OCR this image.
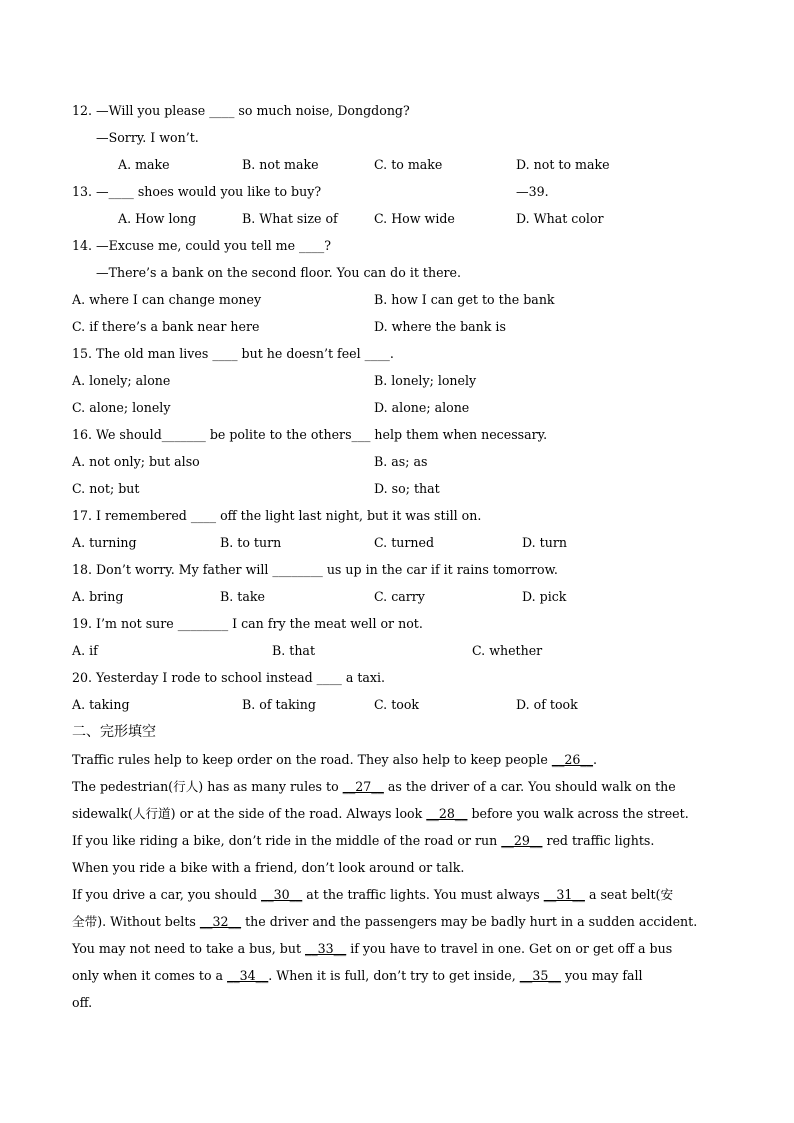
12. —Will you please ____ so much noise, Dongdong?
—Sorry. I won’t.
A. make	B. not make	C. to make	D. not to make
13. —____ shoes would you like to buy?	—39.
A. How long	B. What size of	C. How wide	D. What color
14. —Excuse me, could you tell me ____?
—There’s a bank on the second floor. You can do it there.
A. where I can change money	B. how I can get to the bank
C. if there’s a bank near here	D. where the bank is
15. The old man lives ____ but he doesn’t feel ____.
A. lonely; alone	B. lonely; lonely
C. alone; lonely	D. alone; alone
16. We should_______ be polite to the others___ help them when necessary.
A. not only; but also	B. as; as
C. not; but	D. so; that
17. I remembered ____ off the light last night, but it was still on.
A. turning	B. to turn	C. turned	D. turn
18. Don’t worry. My father will ________ us up in the car if it rains tomorrow.
A. bring	B. take	C. carry	D. pick
19. I’m not sure ________ I can fry the meat well or not.
A. if	B. that	C. whether
20. Yesterday I rode to school instead ____ a taxi.
A. taking	B. of taking	C. took	D. of took
二、完形填空
Traffic rules help to keep order on the road. They also help to keep people __26__.
The pedestrian(行人) has as many rules to __27__ as the driver of a car. You should walk on the
sidewalk(人行道) or at the side of the road. Always look __28__ before you walk across the street.
If you like riding a bike, don’t ride in the middle of the road or run __29__ red traffic lights.
When you ride a bike with a friend, don’t look around or talk.
If you drive a car, you should __30__ at the traffic lights. You must always __31__ a seat belt(安
全带). Without belts __32__ the driver and the passengers may be badly hurt in a sudden accident.
You may not need to take a bus, but __33__ if you have to travel in one. Get on or get off a bus
only when it comes to a __34__. When it is full, don’t try to get inside, __35__ you may fall
off.
